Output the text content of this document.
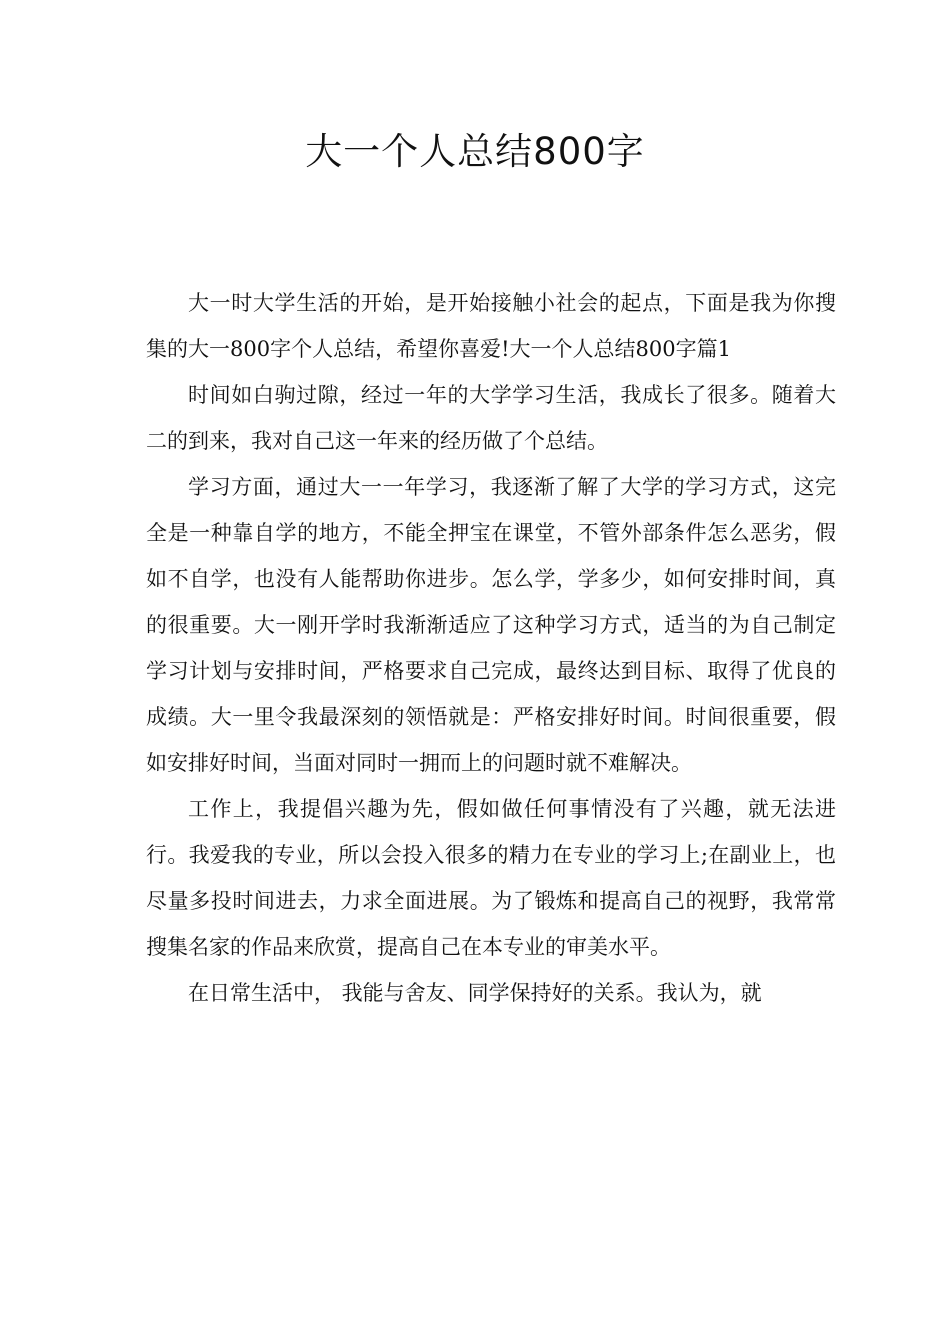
大一个人总结800字

大一时大学生活的开始，是开始接触小社会的起点，下面是我为你搜集的大一800字个人总结，希望你喜爱!大一个人总结800字篇1

时间如白驹过隙，经过一年的大学学习生活，我成长了很多。随着大二的到来，我对自己这一年来的经历做了个总结。

学习方面，通过大一一年学习，我逐渐了解了大学的学习方式，这完全是一种靠自学的地方，不能全押宝在课堂，不管外部条件怎么恶劣，假如不自学，也没有人能帮助你进步。怎么学，学多少，如何安排时间，真的很重要。大一刚开学时我渐渐适应了这种学习方式，适当的为自己制定学习计划与安排时间，严格要求自己完成，最终达到目标、取得了优良的成绩。大一里令我最深刻的领悟就是：严格安排好时间。时间很重要，假如安排好时间，当面对同时一拥而上的问题时就不难解决。

工作上，我提倡兴趣为先，假如做任何事情没有了兴趣，就无法进行。我爱我的专业，所以会投入很多的精力在专业的学习上;在副业上，也尽量多投时间进去，力求全面进展。为了锻炼和提高自己的视野，我常常搜集名家的作品来欣赏，提高自己在本专业的审美水平。

在日常生活中， 我能与舍友、同学保持好的关系。我认为，就
